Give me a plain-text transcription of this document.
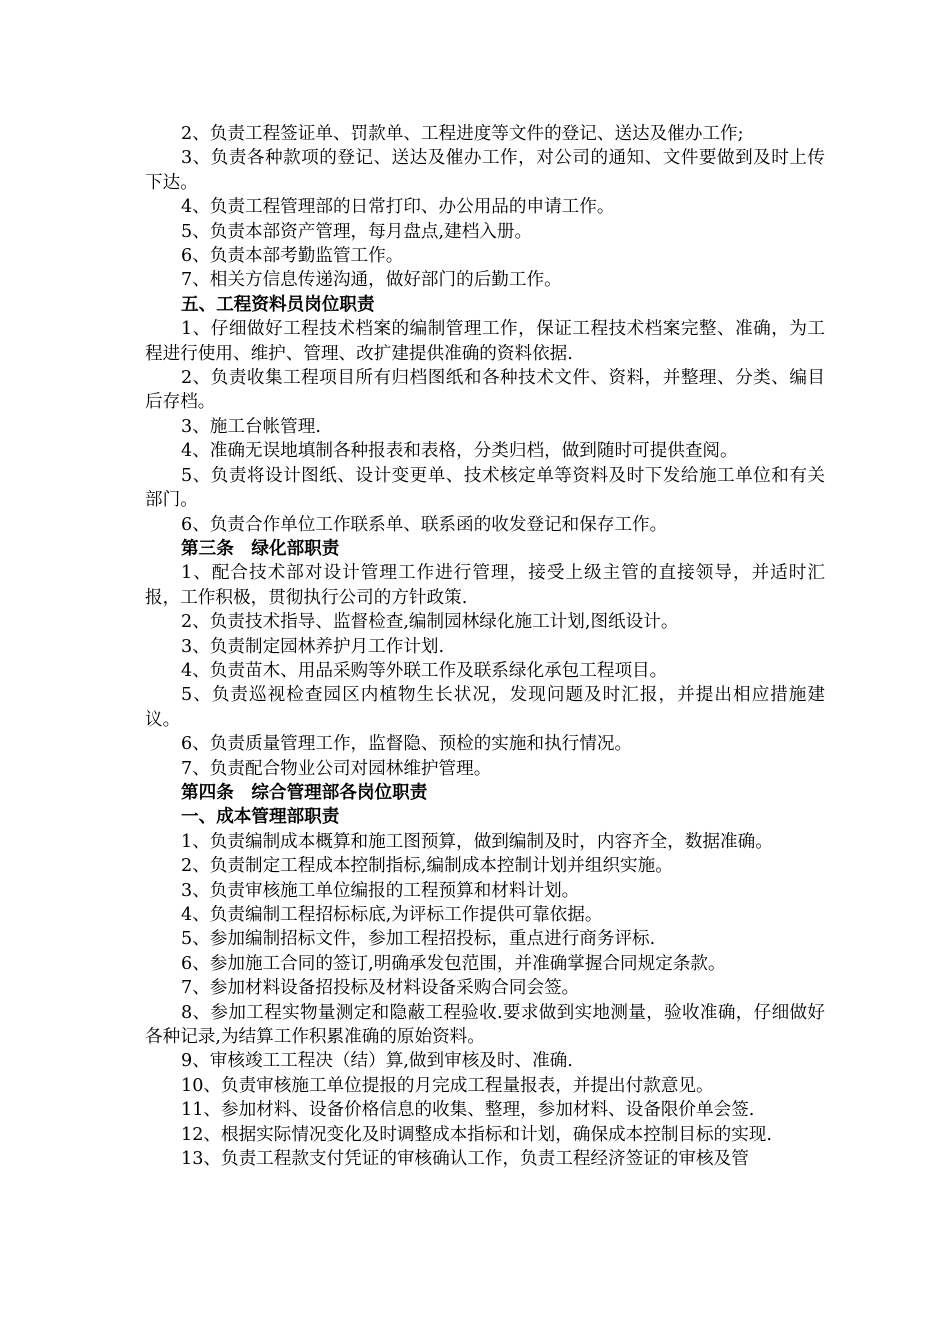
2、负责工程签证单、罚款单、工程进度等文件的登记、送达及催办工作;

3、负责各种款项的登记、送达及催办工作，对公司的通知、文件要做到及时上传下达。

4、负责工程管理部的日常打印、办公用品的申请工作。

5、负责本部资产管理，每月盘点,建档入册。

6、负责本部考勤监管工作。

7、相关方信息传递沟通，做好部门的后勤工作。

五、工程资料员岗位职责

1、仔细做好工程技术档案的编制管理工作，保证工程技术档案完整、准确，为工程进行使用、维护、管理、改扩建提供准确的资料依据.

2、负责收集工程项目所有归档图纸和各种技术文件、资料，并整理、分类、编目后存档。

3、施工台帐管理.

4、准确无误地填制各种报表和表格，分类归档，做到随时可提供查阅。

5、负责将设计图纸、设计变更单、技术核定单等资料及时下发给施工单位和有关部门。

6、负责合作单位工作联系单、联系函的收发登记和保存工作。

第三条　绿化部职责

1、配合技术部对设计管理工作进行管理，接受上级主管的直接领导，并适时汇报，工作积极，贯彻执行公司的方针政策.

2、负责技术指导、监督检查,编制园林绿化施工计划,图纸设计。

3、负责制定园林养护月工作计划.

4、负责苗木、用品采购等外联工作及联系绿化承包工程项目。

5、负责巡视检查园区内植物生长状况，发现问题及时汇报，并提出相应措施建议。

6、负责质量管理工作，监督隐、预检的实施和执行情况。

7、负责配合物业公司对园林维护管理。

第四条　综合管理部各岗位职责

一、成本管理部职责

1、负责编制成本概算和施工图预算，做到编制及时，内容齐全，数据准确。

2、负责制定工程成本控制指标,编制成本控制计划并组织实施。

3、负责审核施工单位编报的工程预算和材料计划。

4、负责编制工程招标标底,为评标工作提供可靠依据。

5、参加编制招标文件，参加工程招投标，重点进行商务评标.

6、参加施工合同的签订,明确承发包范围，并准确掌握合同规定条款。

7、参加材料设备招投标及材料设备采购合同会签。

8、参加工程实物量测定和隐蔽工程验收.要求做到实地测量，验收准确，仔细做好各种记录,为结算工作积累准确的原始资料。

9、审核竣工工程决（结）算,做到审核及时、准确.

10、负责审核施工单位提报的月完成工程量报表，并提出付款意见。

11、参加材料、设备价格信息的收集、整理，参加材料、设备限价单会签.

12、根据实际情况变化及时调整成本指标和计划，确保成本控制目标的实现.

13、负责工程款支付凭证的审核确认工作，负责工程经济签证的审核及管
